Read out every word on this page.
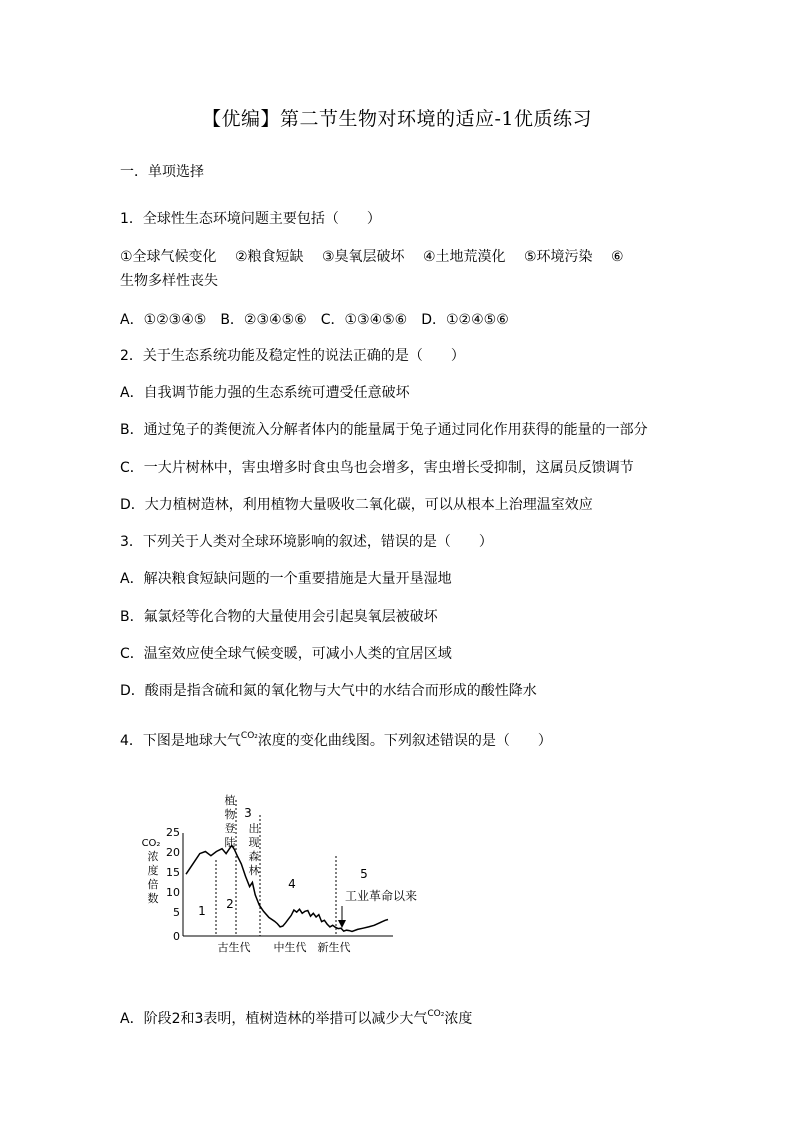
【优编】第二节生物对环境的适应-1优质练习
一．单项选择
1．全球性生态环境问题主要包括（　　）
①全球气候变化　 ②粮食短缺　 ③臭氧层破坏　 ④土地荒漠化　 ⑤环境污染　 ⑥
生物多样性丧失
A．①②③④⑤　B．②③④⑤⑥　C．①③④⑤⑥　D．①②④⑤⑥
2．关于生态系统功能及稳定性的说法正确的是（　　）
A．自我调节能力强的生态系统可遭受任意破坏
B．通过兔子的粪便流入分解者体内的能量属于兔子通过同化作用获得的能量的一部分
C．一大片树林中，害虫增多时食虫鸟也会增多，害虫增长受抑制，这属员反馈调节
D．大力植树造林，利用植物大量吸收二氧化碳，可以从根本上治理温室效应
3．下列关于人类对全球环境影响的叙述，错误的是（　　）
A．解决粮食短缺问题的一个重要措施是大量开垦湿地
B．氟氯烃等化合物的大量使用会引起臭氧层被破坏
C．温室效应使全球气候变暖，可减小人类的宜居区域
D．酸雨是指含硫和氮的氧化物与大气中的水结合而形成的酸性降水
4．下图是地球大气$^{CO_2}$浓度的变化曲线图。下列叙述错误的是（　　）
25
20
15
10
5
0
CO₂
浓
度
倍
数
1 2
3
4
5
植
物
登
陆
出
现
森
林
工业革命以来
古生代 中生代 新生代
A．阶段2和3表明，植树造林的举措可以减少大气$^{CO_2}$浓度
